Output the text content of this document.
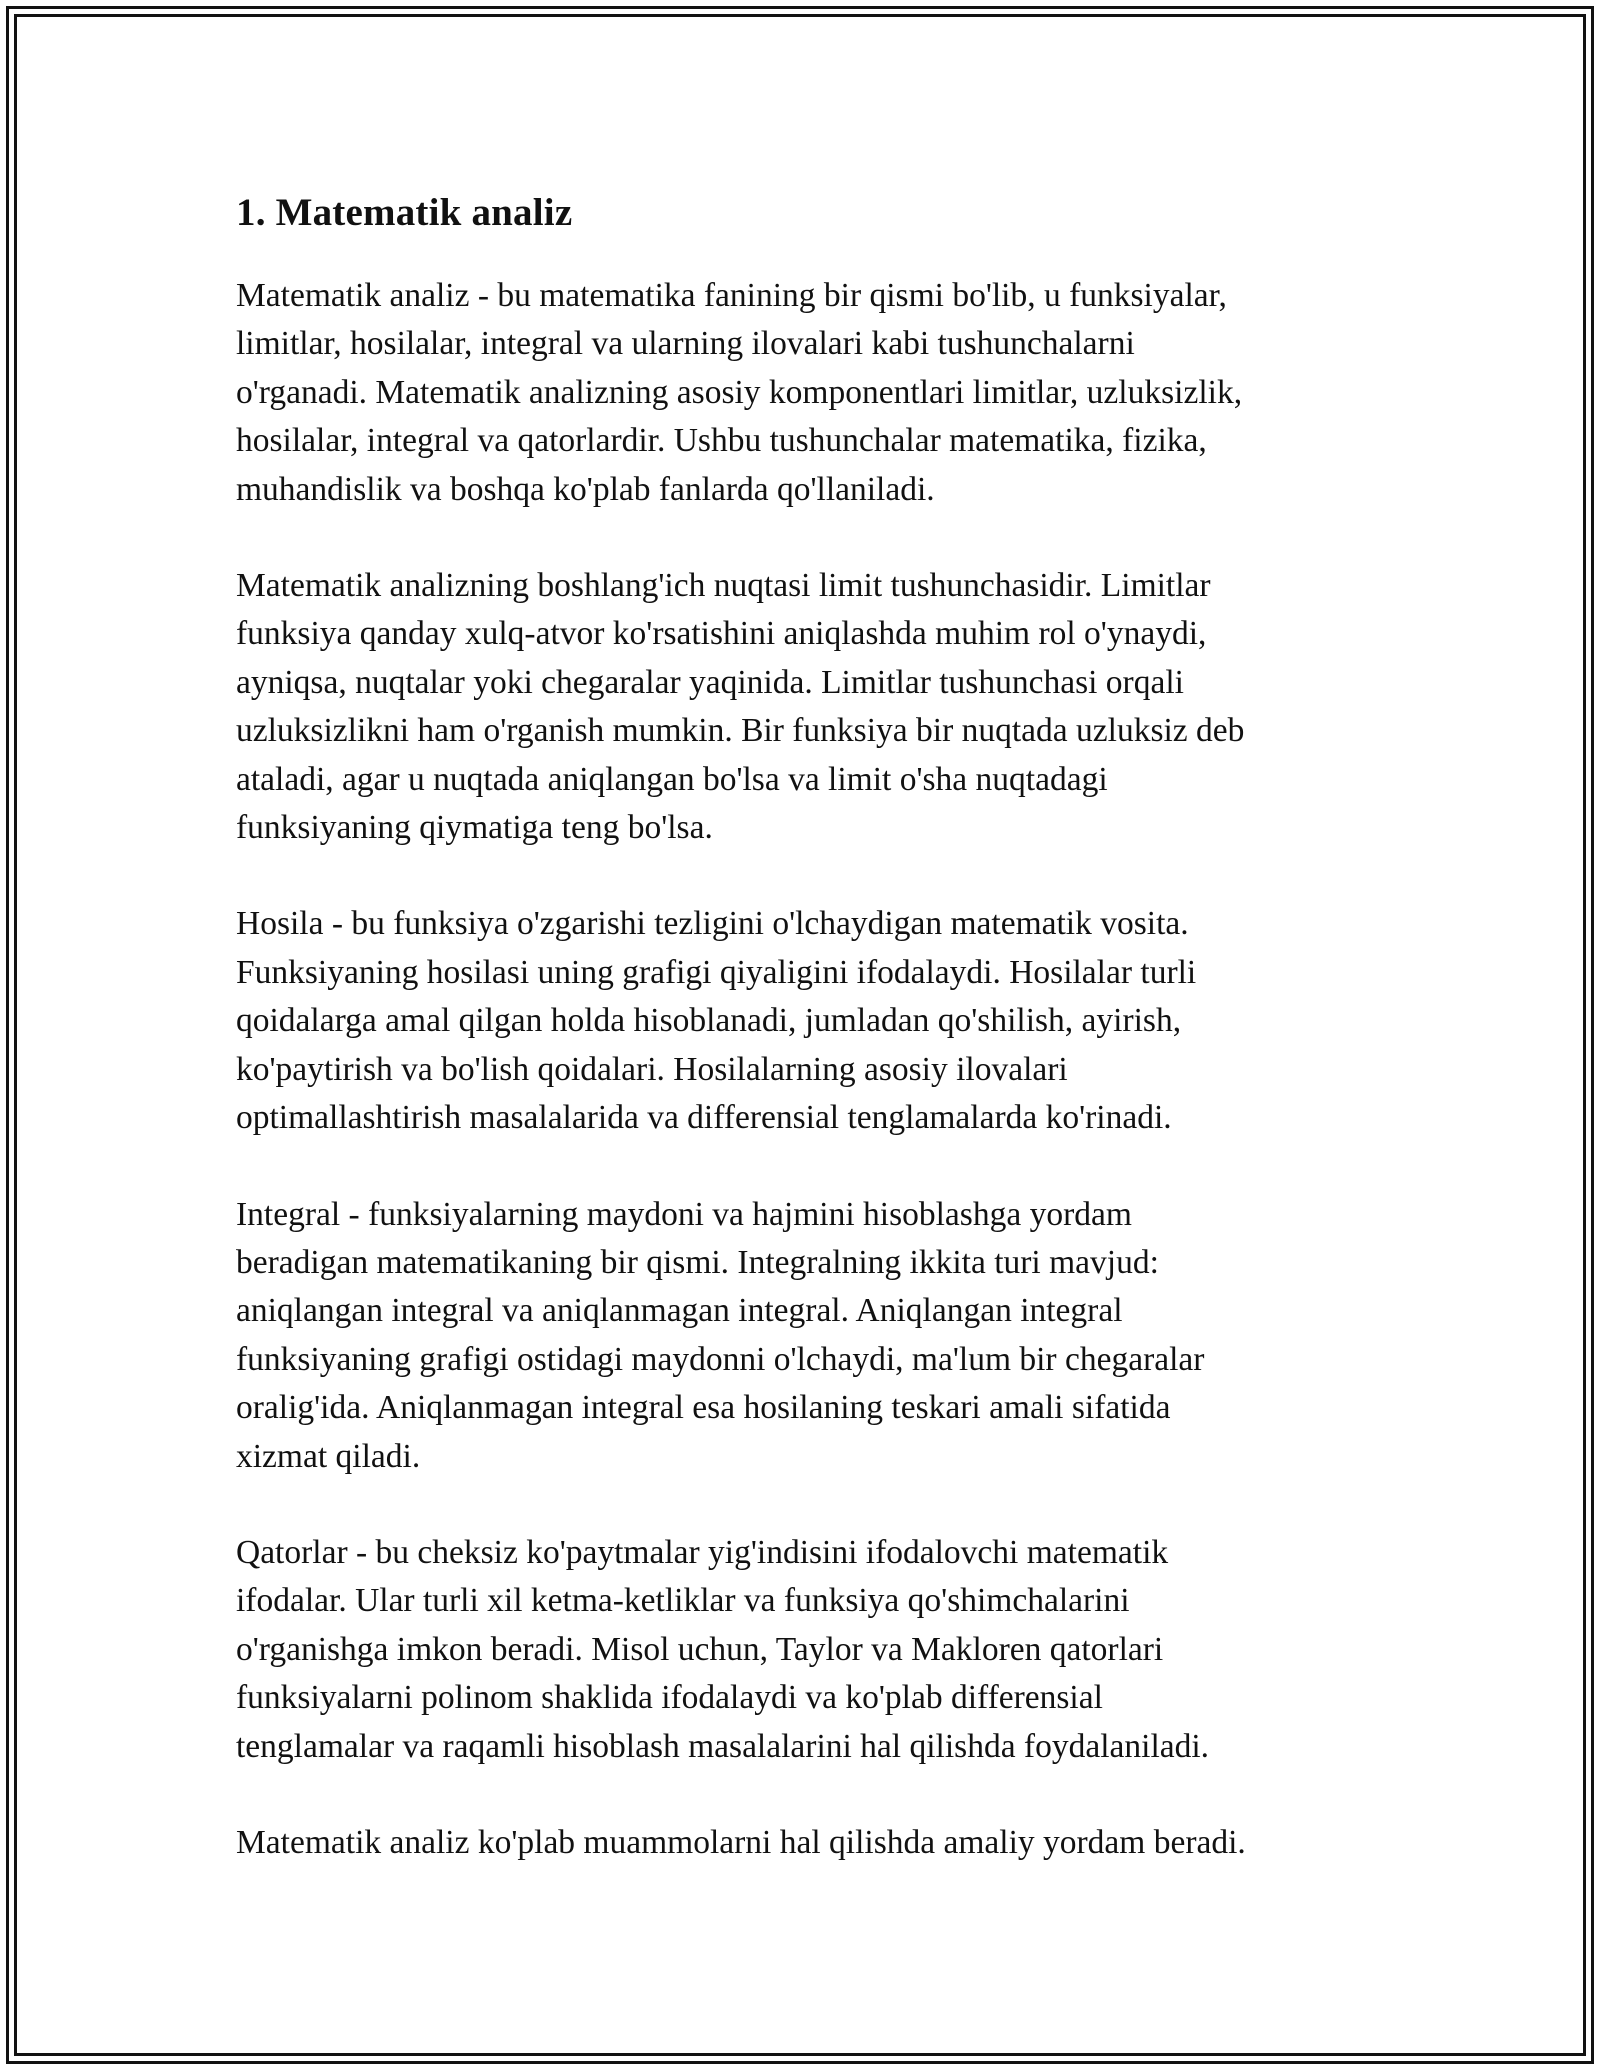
1. Matematik analiz

Matematik analiz - bu matematika fanining bir qismi bo'lib, u funksiyalar,
limitlar, hosilalar, integral va ularning ilovalari kabi tushunchalarni
o'rganadi. Matematik analizning asosiy komponentlari limitlar, uzluksizlik,
hosilalar, integral va qatorlardir. Ushbu tushunchalar matematika, fizika,
muhandislik va boshqa ko'plab fanlarda qo'llaniladi.

Matematik analizning boshlang'ich nuqtasi limit tushunchasidir. Limitlar
funksiya qanday xulq-atvor ko'rsatishini aniqlashda muhim rol o'ynaydi,
ayniqsa, nuqtalar yoki chegaralar yaqinida. Limitlar tushunchasi orqali
uzluksizlikni ham o'rganish mumkin. Bir funksiya bir nuqtada uzluksiz deb
ataladi, agar u nuqtada aniqlangan bo'lsa va limit o'sha nuqtadagi
funksiyaning qiymatiga teng bo'lsa.

Hosila - bu funksiya o'zgarishi tezligini o'lchaydigan matematik vosita.
Funksiyaning hosilasi uning grafigi qiyaligini ifodalaydi. Hosilalar turli
qoidalarga amal qilgan holda hisoblanadi, jumladan qo'shilish, ayirish,
ko'paytirish va bo'lish qoidalari. Hosilalarning asosiy ilovalari
optimallashtirish masalalarida va differensial tenglamalarda ko'rinadi.

Integral - funksiyalarning maydoni va hajmini hisoblashga yordam
beradigan matematikaning bir qismi. Integralning ikkita turi mavjud:
aniqlangan integral va aniqlanmagan integral. Aniqlangan integral
funksiyaning grafigi ostidagi maydonni o'lchaydi, ma'lum bir chegaralar
oralig'ida. Aniqlanmagan integral esa hosilaning teskari amali sifatida
xizmat qiladi.

Qatorlar - bu cheksiz ko'paytmalar yig'indisini ifodalovchi matematik
ifodalar. Ular turli xil ketma-ketliklar va funksiya qo'shimchalarini
o'rganishga imkon beradi. Misol uchun, Taylor va Makloren qatorlari
funksiyalarni polinom shaklida ifodalaydi va ko'plab differensial
tenglamalar va raqamli hisoblash masalalarini hal qilishda foydalaniladi.

Matematik analiz ko'plab muammolarni hal qilishda amaliy yordam beradi.
